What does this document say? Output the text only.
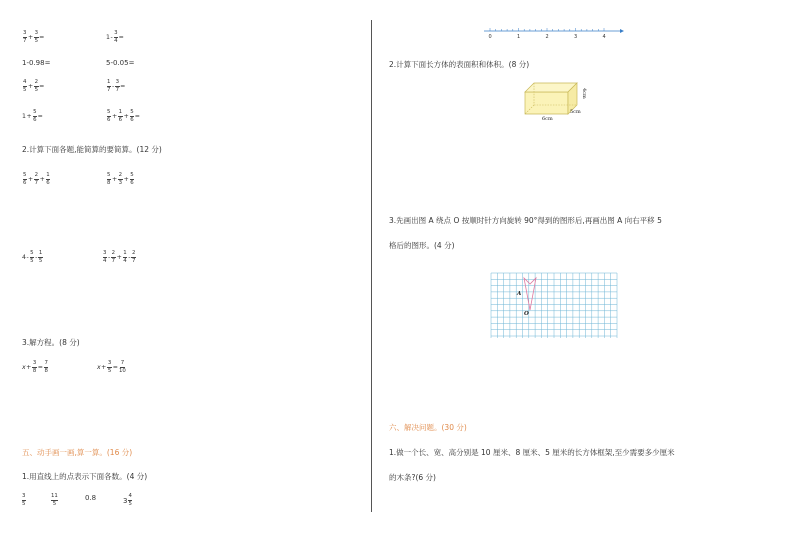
$\frac{3}{7} + \frac{3}{5}$ =	$1 - \frac{3}{4}$ =
1-0.98=	5-0.05=
$\frac{4}{5} + \frac{2}{5}$ =	$\frac{1}{7} - \frac{3}{7}$ =
$1 + \frac{5}{6}$ =	$\frac{5}{6} + \frac{1}{6} + \frac{5}{6}$ =
2.计算下面各题,能简算的要简算。(12 分)
$\frac{5}{6} + \frac{2}{7} + \frac{1}{6}$	$\frac{5}{8} + \frac{2}{3} + \frac{5}{6}$
$4 - \frac{5}{5} - \frac{1}{5}$	$\frac{3}{4} - \frac{2}{7} + \frac{1}{4} - \frac{2}{7}$
3.解方程。(8 分)
$x + \frac{3}{8} = \frac{7}{8}$	$x + \frac{3}{5} = \frac{7}{10}$
五、动手画一画,算一算。(16 分)
1.用直线上的点表示下面各数。(4 分)
$\frac{3}{5}$	$\frac{11}{5}$	0.8	$3 \frac{4}{5}$
0	1	2	3	4
2.计算下面长方体的表面积和体积。(8 分)
6cm
5cm
4cm
3.先画出图 A 绕点 O 按顺时针方向旋转 90°得到的图形后,再画出图 A 向右平移 5
格后的图形。(4 分)
A
O
六、解决问题。(30 分)
1.做一个长、宽、高分别是 10 厘米、8 厘米、5 厘米的长方体框架,至少需要多少厘米
的木条?(6 分)
